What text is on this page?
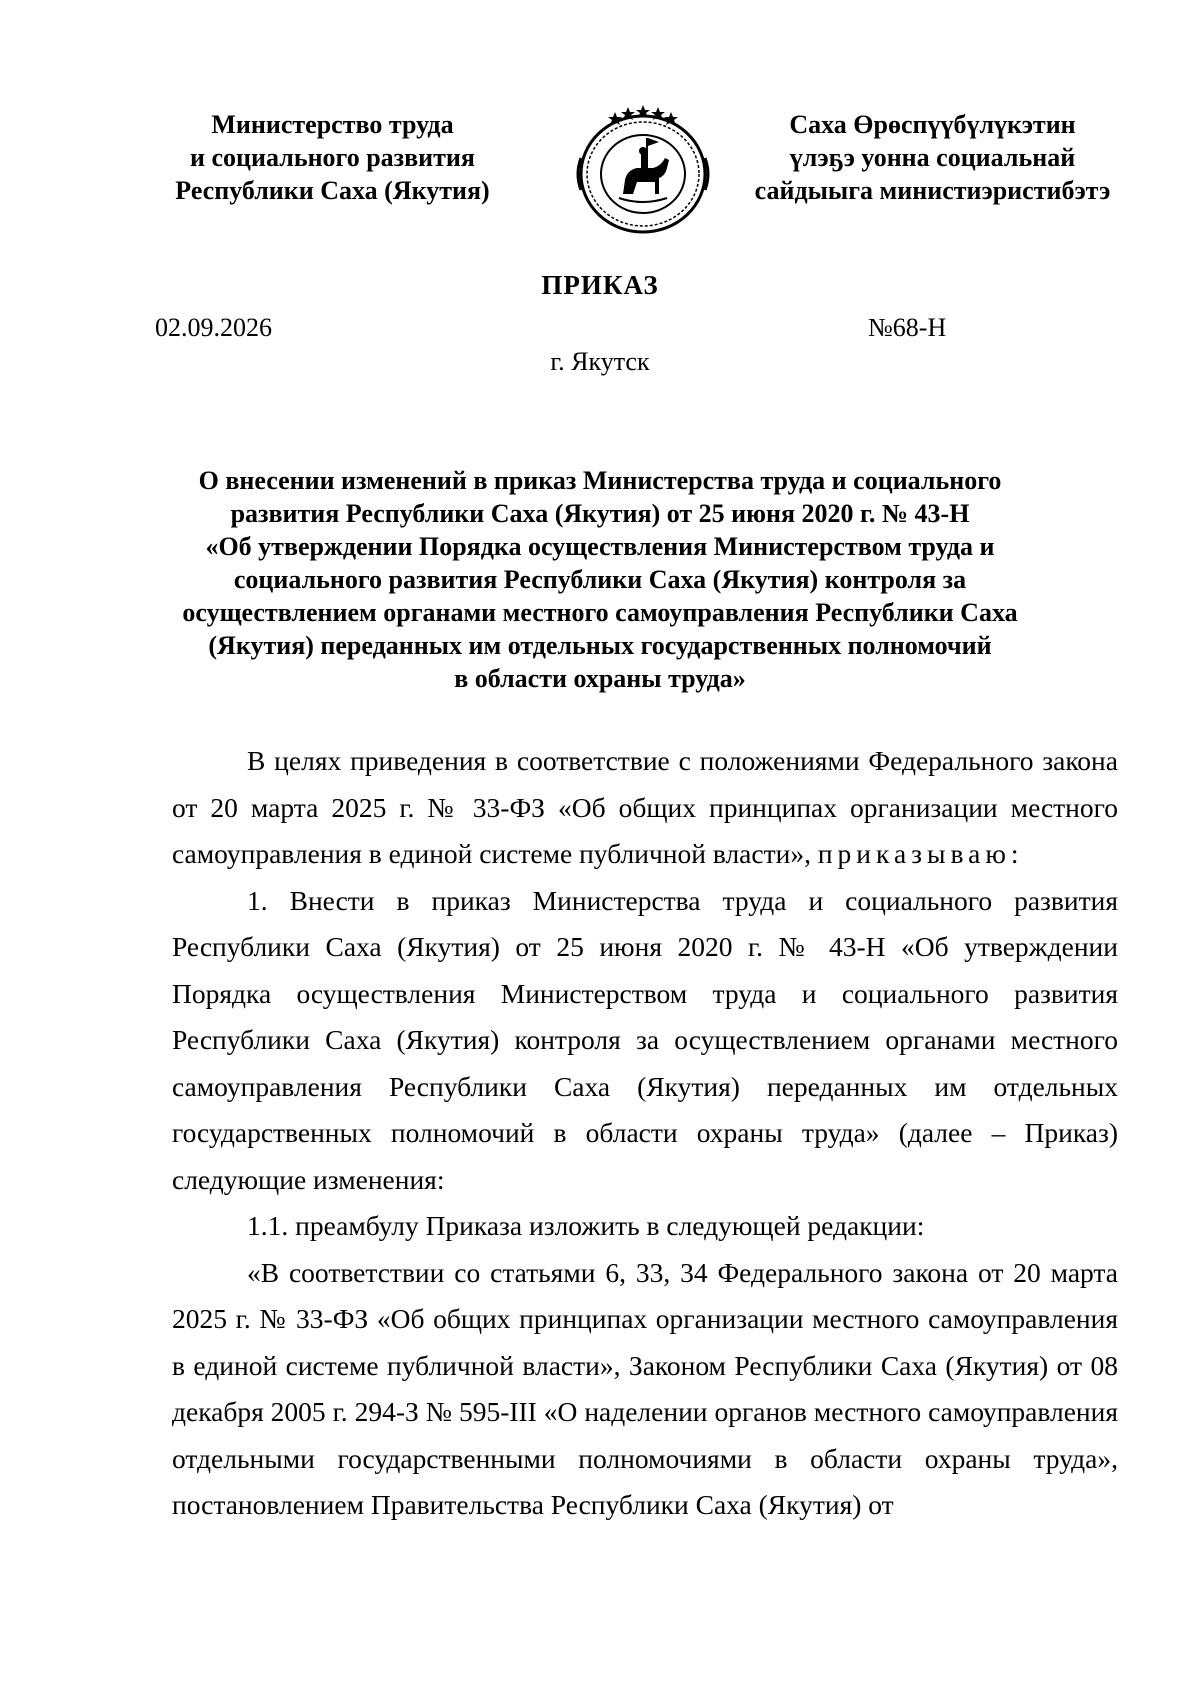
Министерство труда
и социального развития
Республики Саха (Якутия)
Саха Өрөспүүбүлүкэтин
үлэҕэ уонна социальнай
сайдыыга министиэристибэтэ
ПРИКАЗ
02.09.2026	№68-Н
г. Якутск
О внесении изменений в приказ Министерства труда и социального
развития Республики Саха (Якутия) от 25 июня 2020 г. № 43-Н
«Об утверждении Порядка осуществления Министерством труда и
социального развития Республики Саха (Якутия) контроля за
осуществлением органами местного самоуправления Республики Саха
(Якутия) переданных им отдельных государственных полномочий
в области охраны труда»

В целях приведения в соответствие с положениями Федерального закона от 20 марта 2025 г. № 33-ФЗ «Об общих принципах организации местного самоуправления в единой системе публичной власти», приказываю:

1. Внести в приказ Министерства труда и социального развития Республики Саха (Якутия) от 25 июня 2020 г. № 43-Н «Об утверждении Порядка осуществления Министерством труда и социального развития Республики Саха (Якутия) контроля за осуществлением органами местного самоуправления Республики Саха (Якутия) переданных им отдельных государственных полномочий в области охраны труда» (далее – Приказ) следующие изменения:

1.1. преамбулу Приказа изложить в следующей редакции:

«В соответствии со статьями 6, 33, 34 Федерального закона от 20 марта 2025 г. № 33-ФЗ «Об общих принципах организации местного самоуправления в единой системе публичной власти», Законом Республики Саха (Якутия) от 08 декабря 2005 г. 294-З № 595-III «О наделении органов местного самоуправления отдельными государственными полномочиями в области охраны труда», постановлением Правительства Республики Саха (Якутия) от
